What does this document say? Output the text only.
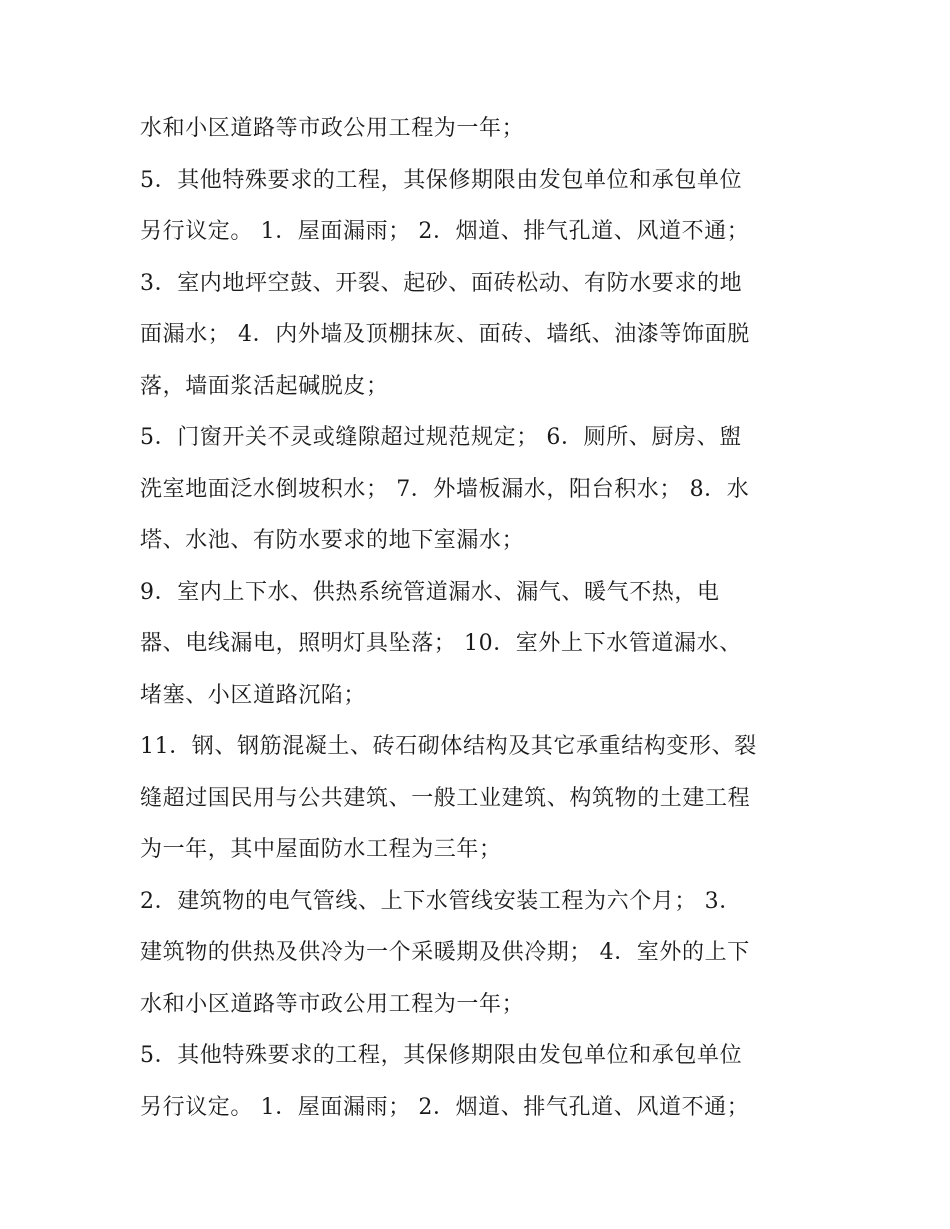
水和小区道路等市政公用工程为一年；
5．其他特殊要求的工程，其保修期限由发包单位和承包单位
另行议定。 1．屋面漏雨； 2．烟道、排气孔道、风道不通；
3．室内地坪空鼓、开裂、起砂、面砖松动、有防水要求的地
面漏水； 4．内外墙及顶棚抹灰、面砖、墙纸、油漆等饰面脱
落，墙面浆活起碱脱皮；
5．门窗开关不灵或缝隙超过规范规定； 6．厕所、厨房、盥
洗室地面泛水倒坡积水； 7．外墙板漏水，阳台积水； 8．水
塔、水池、有防水要求的地下室漏水；
9．室内上下水、供热系统管道漏水、漏气、暖气不热，电
器、电线漏电，照明灯具坠落； 10．室外上下水管道漏水、
堵塞、小区道路沉陷；
11．钢、钢筋混凝土、砖石砌体结构及其它承重结构变形、裂
缝超过国民用与公共建筑、一般工业建筑、构筑物的土建工程
为一年，其中屋面防水工程为三年；
2．建筑物的电气管线、上下水管线安装工程为六个月； 3．
建筑物的供热及供冷为一个采暖期及供冷期； 4．室外的上下
水和小区道路等市政公用工程为一年；
5．其他特殊要求的工程，其保修期限由发包单位和承包单位
另行议定。 1．屋面漏雨； 2．烟道、排气孔道、风道不通；
